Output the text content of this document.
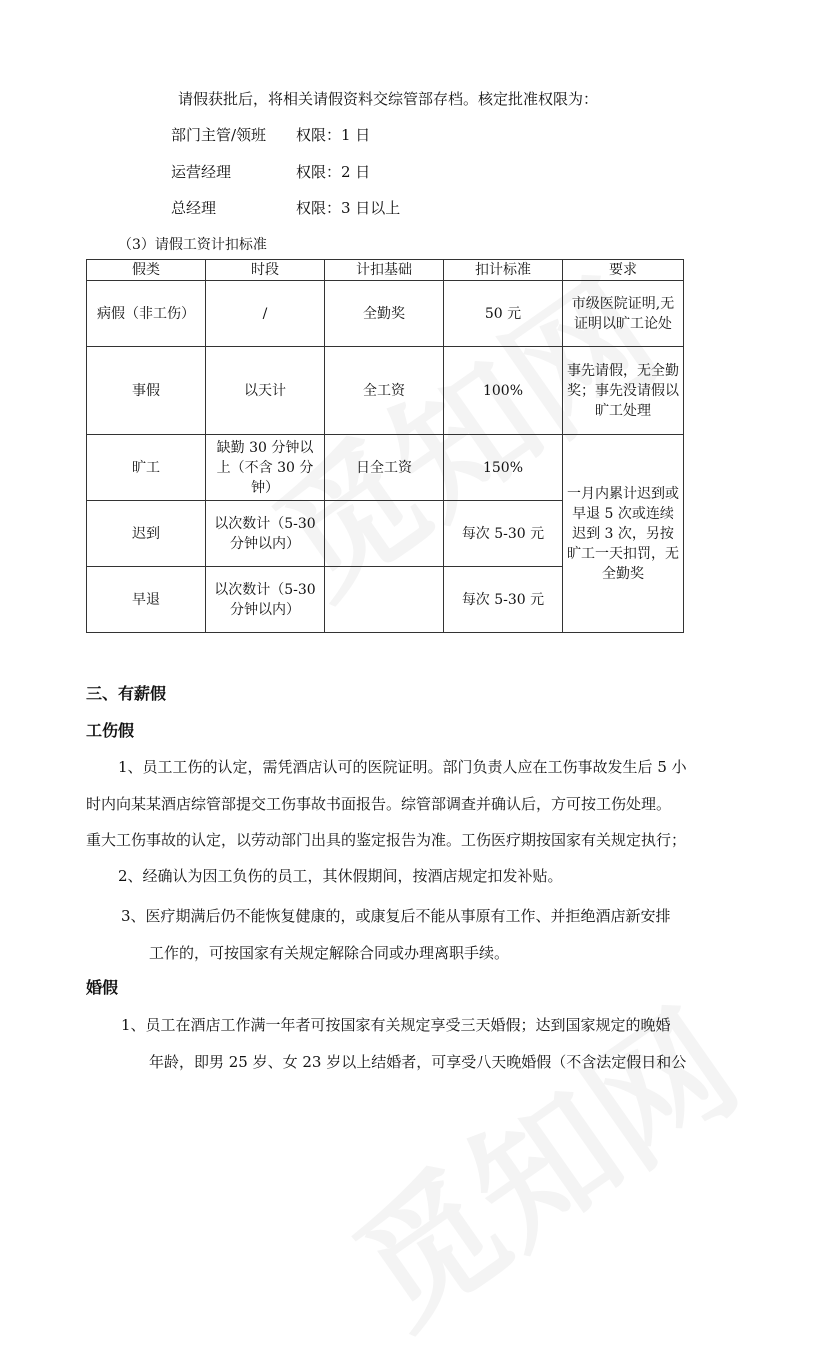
请假获批后，将相关请假资料交综管部存档。核定批准权限为：
部门主管/领班 权限：1 日
运营经理	权限：2 日
总经理	权限：3 日以上
（3）请假工资计扣标准
假类	时段	计扣基础	扣计标准	要求
病假（非工伤）	/	全勤奖	50 元	市级医院证明,无证明以旷工论处
事假	以天计	全工资	100%	事先请假，无全勤奖；事先没请假以旷工处理
旷工	缺勤 30 分钟以上（不含 30 分钟）	日全工资	150%	一月内累计迟到或早退 5 次或连续迟到 3 次，另按旷工一天扣罚，无全勤奖
迟到	以次数计（5-30 分钟以内）		每次 5-30 元	
早退	以次数计（5-30 分钟以内）		每次 5-30 元	
三、有薪假
工伤假
1、员工工伤的认定，需凭酒店认可的医院证明。部门负责人应在工伤事故发生后 5 小
时内向某某酒店综管部提交工伤事故书面报告。综管部调查并确认后，方可按工伤处理。
重大工伤事故的认定，以劳动部门出具的鉴定报告为准。工伤医疗期按国家有关规定执行；
2、经确认为因工负伤的员工，其休假期间，按酒店规定扣发补贴。
3、医疗期满后仍不能恢复健康的，或康复后不能从事原有工作、并拒绝酒店新安排
工作的，可按国家有关规定解除合同或办理离职手续。
婚假
1、员工在酒店工作满一年者可按国家有关规定享受三天婚假；达到国家规定的晚婚
年龄，即男 25 岁、女 23 岁以上结婚者，可享受八天晚婚假（不含法定假日和公
